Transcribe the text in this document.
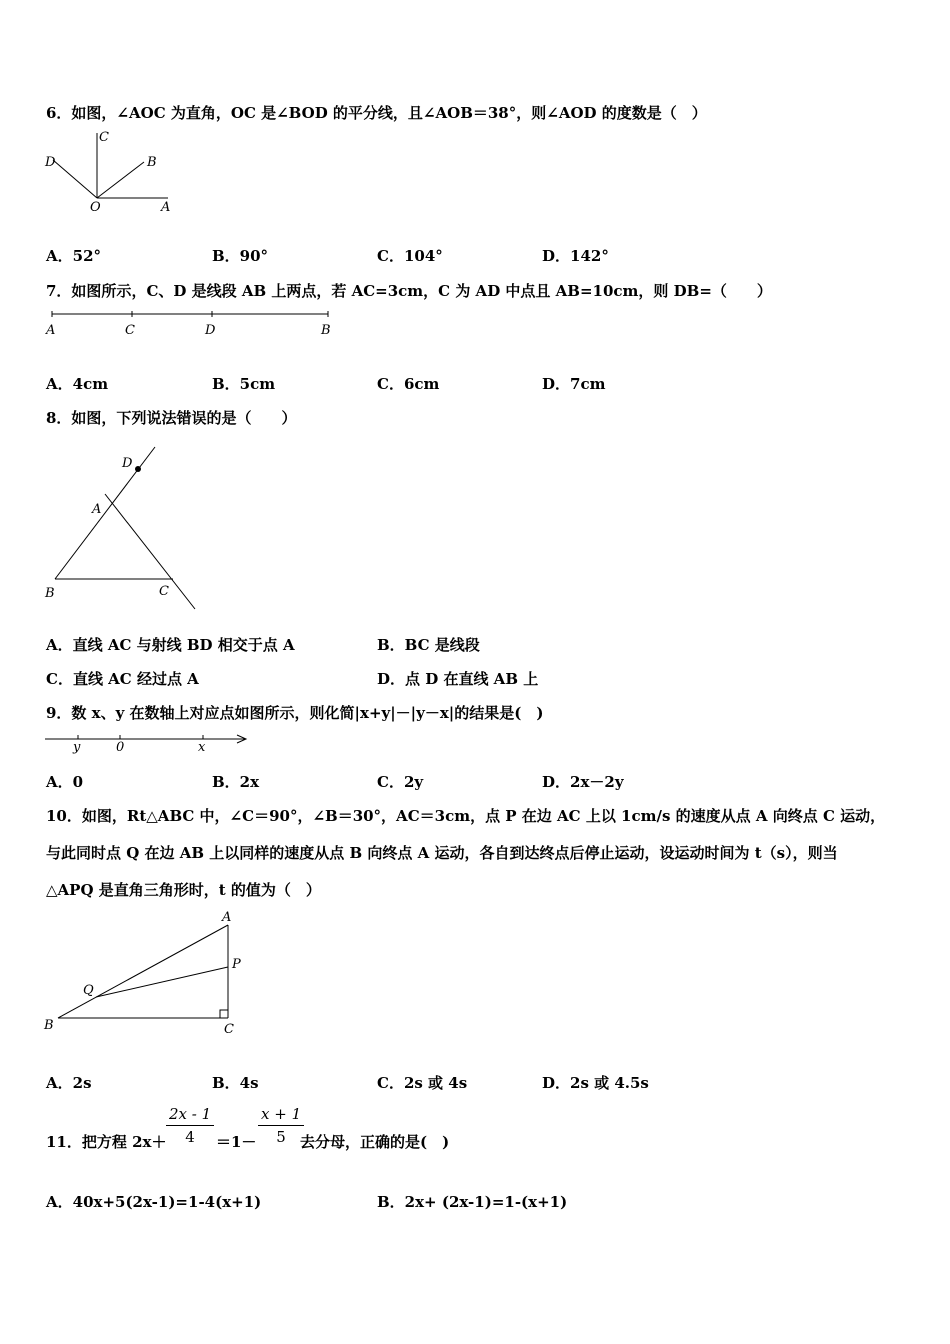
6．如图，∠AOC 为直角，OC 是∠BOD 的平分线，且∠AOB＝38°，则∠AOD 的度数是（　）
C
D	B
O	A
A．52°	B．90°	C．104°	D．142°
7．如图所示，C、D 是线段 AB 上两点，若 AC=3cm，C 为 AD 中点且 AB=10cm，则 DB=（　　）
A	C	D	B
A．4cm	B．5cm	C．6cm	D．7cm
8．如图，下列说法错误的是（　　）
D
A
B	C
A．直线 AC 与射线 BD 相交于点 A	B．BC 是线段
C．直线 AC 经过点 A	D．点 D 在直线 AB 上
9．数 x、y 在数轴上对应点如图所示，则化简|x+y|－|y－x|的结果是(　)
y	0	x
A．0	B．2x	C．2y	D．2x－2y
10．如图，Rt△ABC 中，∠C＝90°，∠B＝30°，AC＝3cm，点 P 在边 AC 上以 1cm/s 的速度从点 A 向终点 C 运动，
与此同时点 Q 在边 AB 上以同样的速度从点 B 向终点 A 运动，各自到达终点后停止运动，设运动时间为 t（s），则当
△APQ 是直角三角形时，t 的值为（　）
A
P
Q
B	C
A．2s	B．4s	C．2s 或 4s	D．2s 或 4.5s
11．把方程 $2x+ \frac{2x - 1}{4} =1- \frac{x + 1}{5}$
去分母，正确的是(　)
A．40x+5(2x-1)=1-4(x+1)	B．2x+ (2x-1)=1-(x+1)
